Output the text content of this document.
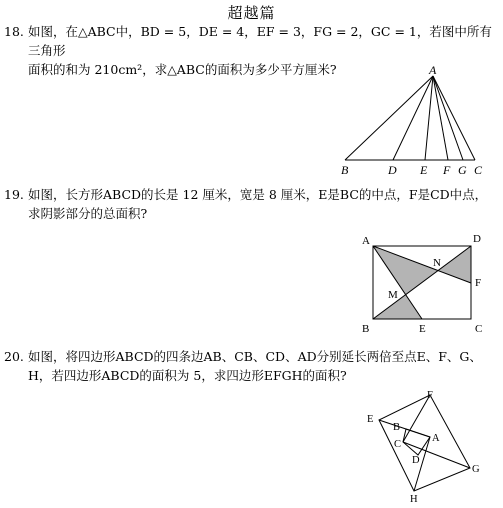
超越篇
18. 如图，在△ABC中，BD = 5，DE = 4，EF = 3，FG = 2，GC = 1，若图中所有三角形
面积的和为 210cm²，求△ABC的面积为多少平方厘米?	A
B	D E F G C
19. 如图，长方形ABCD的长是 12 厘米，宽是 8 厘米，E是BC的中点，F是CD中点，
求阴影部分的总面积?
A	D
N
F
M
B	E	C
20. 如图，将四边形ABCD的四条边AB、CB、CD、AD分别延长两倍至点E、F、G、
H，若四边形ABCD的面积为 5，求四边形EFGH的面积?
E
F
B
A
C
D
G
H
